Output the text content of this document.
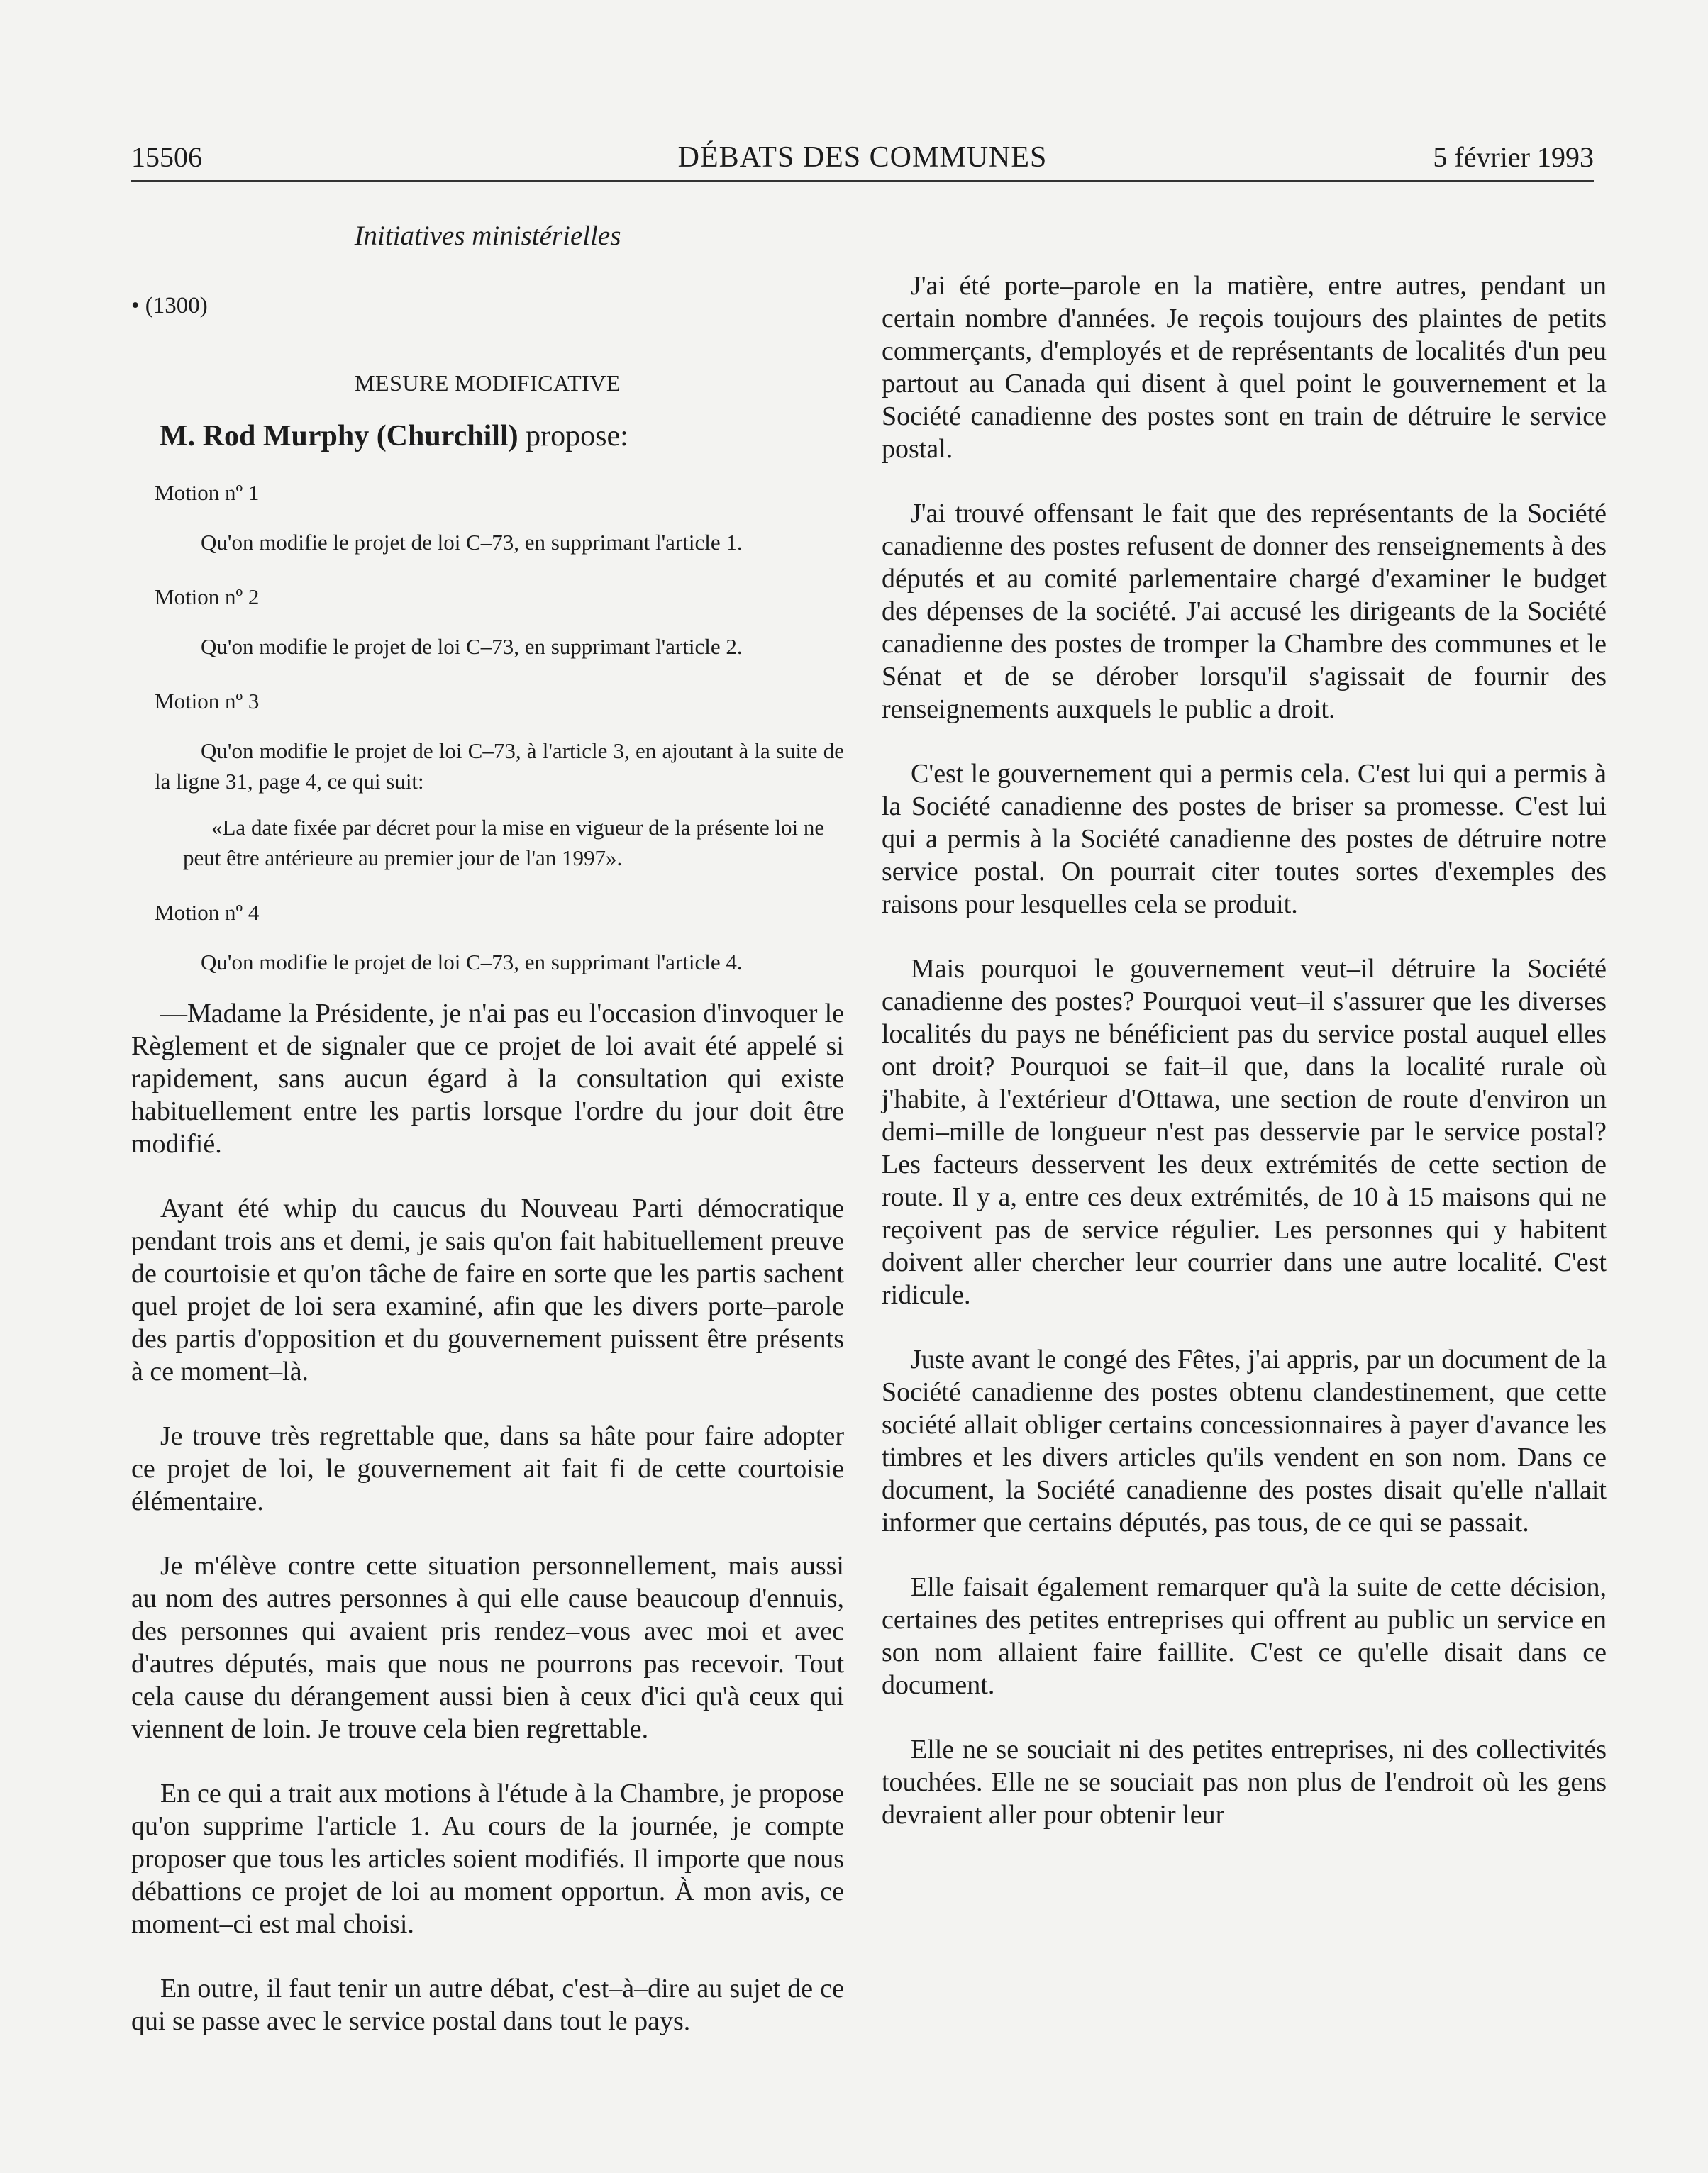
15506	DÉBATS DES COMMUNES	5 février 1993
Initiatives ministérielles
• (1300)
MESURE MODIFICATIVE
M. Rod Murphy (Churchill) propose:
Motion nº 1
Qu'on modifie le projet de loi C–73, en supprimant l'article 1.
Motion nº 2
Qu'on modifie le projet de loi C–73, en supprimant l'article 2.
Motion nº 3
Qu'on modifie le projet de loi C–73, à l'article 3, en ajoutant à la suite de la ligne 31, page 4, ce qui suit:
«La date fixée par décret pour la mise en vigueur de la présente loi ne peut être antérieure au premier jour de l'an 1997».
Motion nº 4
Qu'on modifie le projet de loi C–73, en supprimant l'article 4.

—Madame la Présidente, je n'ai pas eu l'occasion d'invoquer le Règlement et de signaler que ce projet de loi avait été appelé si rapidement, sans aucun égard à la consultation qui existe habituellement entre les partis lorsque l'ordre du jour doit être modifié.

Ayant été whip du caucus du Nouveau Parti démocratique pendant trois ans et demi, je sais qu'on fait habituellement preuve de courtoisie et qu'on tâche de faire en sorte que les partis sachent quel projet de loi sera examiné, afin que les divers porte–parole des partis d'opposition et du gouvernement puissent être présents à ce moment–là.

Je trouve très regrettable que, dans sa hâte pour faire adopter ce projet de loi, le gouvernement ait fait fi de cette courtoisie élémentaire.

Je m'élève contre cette situation personnellement, mais aussi au nom des autres personnes à qui elle cause beaucoup d'ennuis, des personnes qui avaient pris rendez–vous avec moi et avec d'autres députés, mais que nous ne pourrons pas recevoir. Tout cela cause du dérangement aussi bien à ceux d'ici qu'à ceux qui viennent de loin. Je trouve cela bien regrettable.

En ce qui a trait aux motions à l'étude à la Chambre, je propose qu'on supprime l'article 1. Au cours de la journée, je compte proposer que tous les articles soient modifiés. Il importe que nous débattions ce projet de loi au moment opportun. À mon avis, ce moment–ci est mal choisi.

En outre, il faut tenir un autre débat, c'est–à–dire au sujet de ce qui se passe avec le service postal dans tout le pays.

J'ai été porte–parole en la matière, entre autres, pendant un certain nombre d'années. Je reçois toujours des plaintes de petits commerçants, d'employés et de représentants de localités d'un peu partout au Canada qui disent à quel point le gouvernement et la Société canadienne des postes sont en train de détruire le service postal.

J'ai trouvé offensant le fait que des représentants de la Société canadienne des postes refusent de donner des renseignements à des députés et au comité parlementaire chargé d'examiner le budget des dépenses de la société. J'ai accusé les dirigeants de la Société canadienne des postes de tromper la Chambre des communes et le Sénat et de se dérober lorsqu'il s'agissait de fournir des renseignements auxquels le public a droit.

C'est le gouvernement qui a permis cela. C'est lui qui a permis à la Société canadienne des postes de briser sa promesse. C'est lui qui a permis à la Société canadienne des postes de détruire notre service postal. On pourrait citer toutes sortes d'exemples des raisons pour lesquelles cela se produit.

Mais pourquoi le gouvernement veut–il détruire la Société canadienne des postes? Pourquoi veut–il s'assurer que les diverses localités du pays ne bénéficient pas du service postal auquel elles ont droit? Pourquoi se fait–il que, dans la localité rurale où j'habite, à l'extérieur d'Ottawa, une section de route d'environ un demi–mille de longueur n'est pas desservie par le service postal? Les facteurs desservent les deux extrémités de cette section de route. Il y a, entre ces deux extrémités, de 10 à 15 maisons qui ne reçoivent pas de service régulier. Les personnes qui y habitent doivent aller chercher leur courrier dans une autre localité. C'est ridicule.

Juste avant le congé des Fêtes, j'ai appris, par un document de la Société canadienne des postes obtenu clandestinement, que cette société allait obliger certains concessionnaires à payer d'avance les timbres et les divers articles qu'ils vendent en son nom. Dans ce document, la Société canadienne des postes disait qu'elle n'allait informer que certains députés, pas tous, de ce qui se passait.

Elle faisait également remarquer qu'à la suite de cette décision, certaines des petites entreprises qui offrent au public un service en son nom allaient faire faillite. C'est ce qu'elle disait dans ce document.

Elle ne se souciait ni des petites entreprises, ni des collectivités touchées. Elle ne se souciait pas non plus de l'endroit où les gens devraient aller pour obtenir leur
